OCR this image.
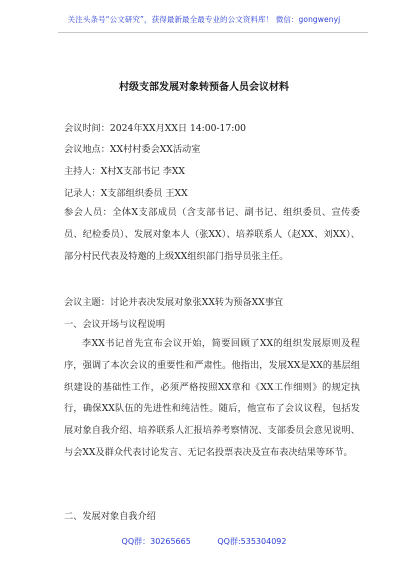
关注头条号“公文研究”，获得最新最全最专业的公文资料库！ 微信：gongwenyj
村级支部发展对象转预备人员会议材料
会议时间：2024年XX月XX日 14:00-17:00
会议地点：XX村村委会XX活动室
主持人：X村X支部书记 李XX
记录人：X支部组织委员 王XX

参会人员：全体X支部成员（含支部书记、副书记、组织委员、宣传委员、纪检委员）、发展对象本人（张XX）、培养联系人（赵XX、刘XX）、部分村民代表及特邀的上级XX组织部门指导员张主任。

会议主题：讨论并表决发展对象张XX转为预备XX事宜
一、会议开场与议程说明

李XX书记首先宣布会议开始，简要回顾了XX的组织发展原则及程序，强调了本次会议的重要性和严肃性。他指出，发展XX是XX的基层组织建设的基础性工作，必须严格按照XX章和《XX工作细则》的规定执行，确保XX队伍的先进性和纯洁性。随后，他宣布了会议议程，包括发展对象自我介绍、培养联系人汇报培养考察情况、支部委员会意见说明、与会XX及群众代表讨论发言、无记名投票表决及宣布表决结果等环节。

二、发展对象自我介绍
QQ群：30265665	QQ群:535304092
